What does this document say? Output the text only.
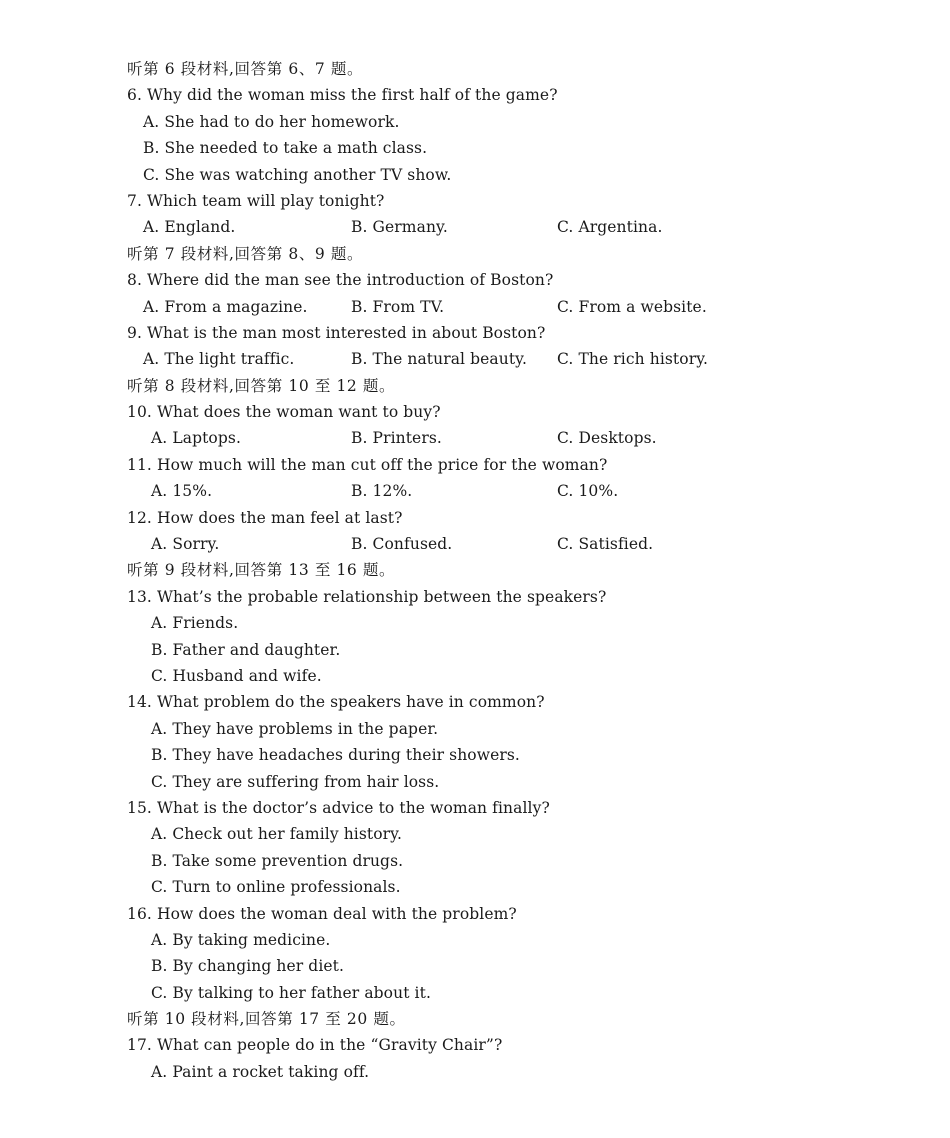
听第 6 段材料,回答第 6、7 题。
6. Why did the woman miss the first half of the game?
A. She had to do her homework.
B. She needed to take a math class.
C. She was watching another TV show.
7. Which team will play tonight?
A. England.	B. Germany.	C. Argentina.
听第 7 段材料,回答第 8、9 题。
8. Where did the man see the introduction of Boston?
A. From a magazine.	B. From TV.	C. From a website.
9. What is the man most interested in about Boston?
A. The light traffic.	B. The natural beauty.	C. The rich history.
听第 8 段材料,回答第 10 至 12 题。
10. What does the woman want to buy?
A. Laptops.	B. Printers.	C. Desktops.
11. How much will the man cut off the price for the woman?
A. 15%.	B. 12%.	C. 10%.
12. How does the man feel at last?
A. Sorry.	B. Confused.	C. Satisfied.
听第 9 段材料,回答第 13 至 16 题。
13. What’s the probable relationship between the speakers?
A. Friends.
B. Father and daughter.
C. Husband and wife.
14. What problem do the speakers have in common?
A. They have problems in the paper.
B. They have headaches during their showers.
C. They are suffering from hair loss.
15. What is the doctor’s advice to the woman finally?
A. Check out her family history.
B. Take some prevention drugs.
C. Turn to online professionals.
16. How does the woman deal with the problem?
A. By taking medicine.
B. By changing her diet.
C. By talking to her father about it.
听第 10 段材料,回答第 17 至 20 题。
17. What can people do in the “Gravity Chair”?
A. Paint a rocket taking off.
